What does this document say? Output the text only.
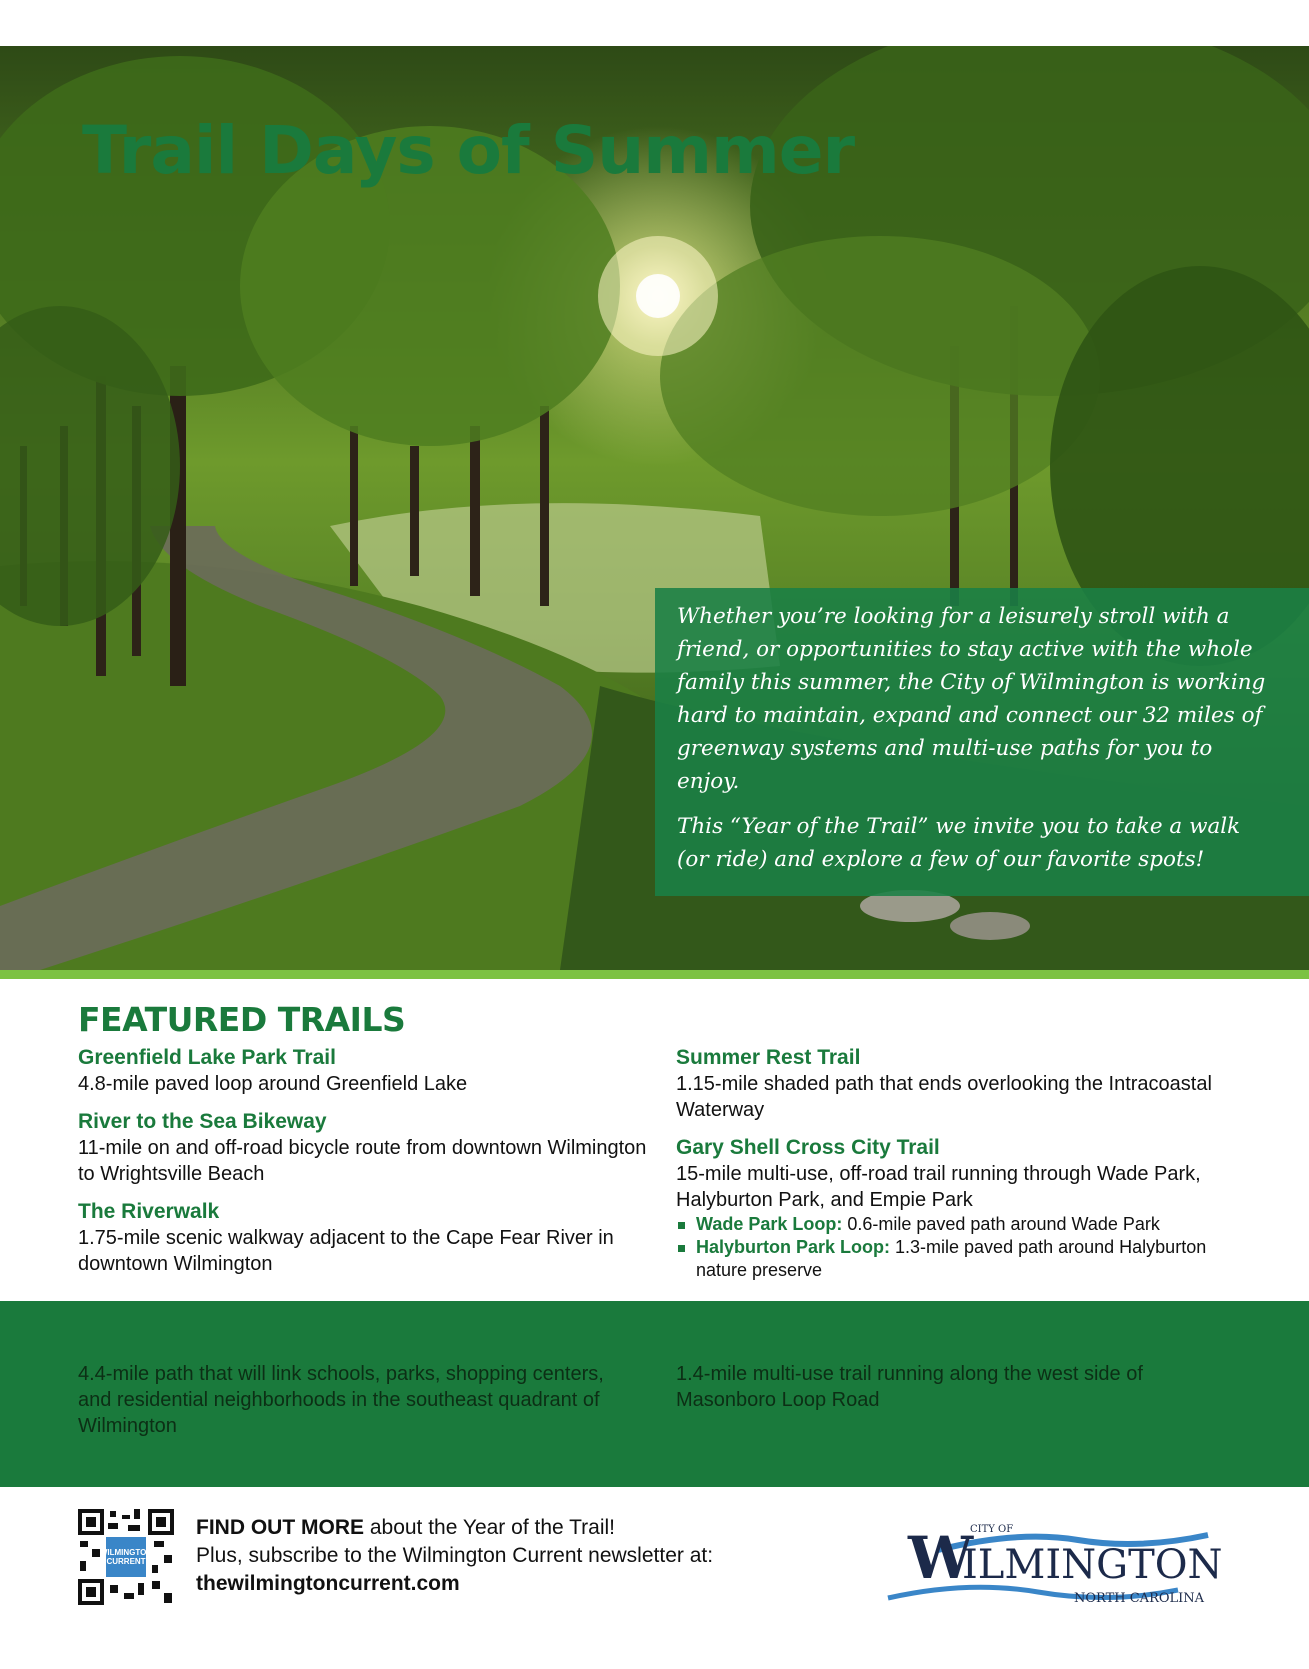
Trail Days of Summer

Whether you’re looking for a leisurely stroll with a friend, or opportunities to stay active with the whole family this summer, the City of Wilmington is working hard to maintain, expand and connect our 32 miles of greenway systems and multi-use paths for you to enjoy.

This “Year of the Trail” we invite you to take a walk (or ride) and explore a few of our favorite spots!

FEATURED TRAILS
Greenfield Lake Park Trail
4.8-mile paved loop around Greenfield Lake
River to the Sea Bikeway
11-mile on and off-road bicycle route from downtown Wilmington to Wrightsville Beach
The Riverwalk
1.75-mile scenic walkway adjacent to the Cape Fear River in downtown Wilmington
Summer Rest Trail
1.15-mile shaded path that ends overlooking the Intracoastal Waterway
Gary Shell Cross City Trail
15-mile multi-use, off-road trail running through Wade Park, Halyburton Park, and Empie Park
Wade Park Loop: 0.6-mile paved path around Wade Park
Halyburton Park Loop: 1.3-mile paved path around Halyburton nature preserve
4.4-mile path that will link schools, parks, shopping centers, and residential neighborhoods in the southeast quadrant of Wilmington
1.4-mile multi-use trail running along the west side of Masonboro Loop Road
WILMINGTON CURRENT
FIND OUT MORE about the Year of the Trail!
Plus, subscribe to the Wilmington Current newsletter at:
thewilmingtoncurrent.com	W
CITY OF
ILMINGTON
NORTH CAROLINA
